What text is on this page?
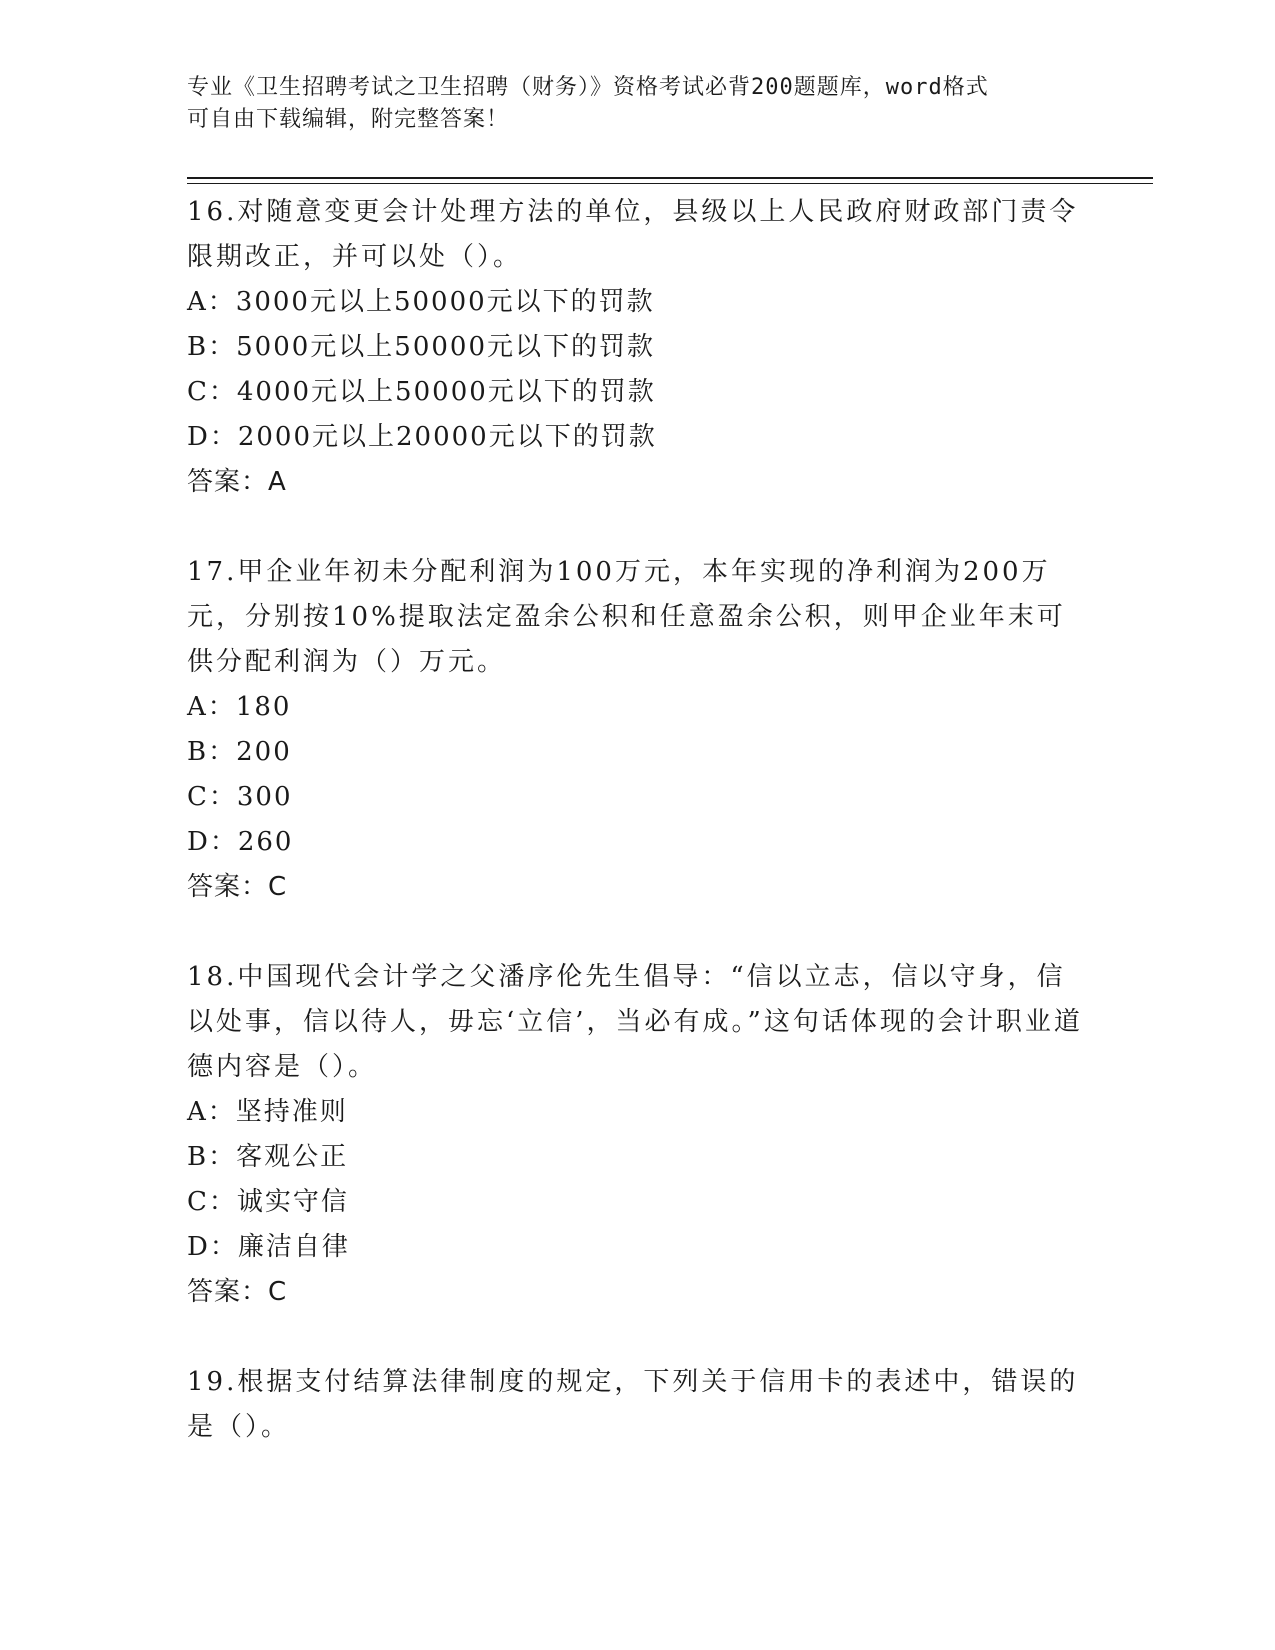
专业《卫生招聘考试之卫生招聘（财务）》资格考试必背200题题库，word格式
可自由下载编辑，附完整答案！

16.对随意变更会计处理方法的单位，县级以上人民政府财政部门责令限期改正，并可以处（）。

A：3000元以上50000元以下的罚款

B：5000元以上50000元以下的罚款

C：4000元以上50000元以下的罚款

D：2000元以上20000元以下的罚款

答案：A

17.甲企业年初未分配利润为100万元，本年实现的净利润为200万元，分别按10%提取法定盈余公积和任意盈余公积，则甲企业年末可供分配利润为（）万元。

A：180

B：200

C：300

D：260

答案：C

18.中国现代会计学之父潘序伦先生倡导：“信以立志，信以守身，信以处事，信以待人，毋忘‘立信’，当必有成。”这句话体现的会计职业道德内容是（）。

A：坚持准则

B：客观公正

C：诚实守信

D：廉洁自律

答案：C

19.根据支付结算法律制度的规定，下列关于信用卡的表述中，错误的是（）。
